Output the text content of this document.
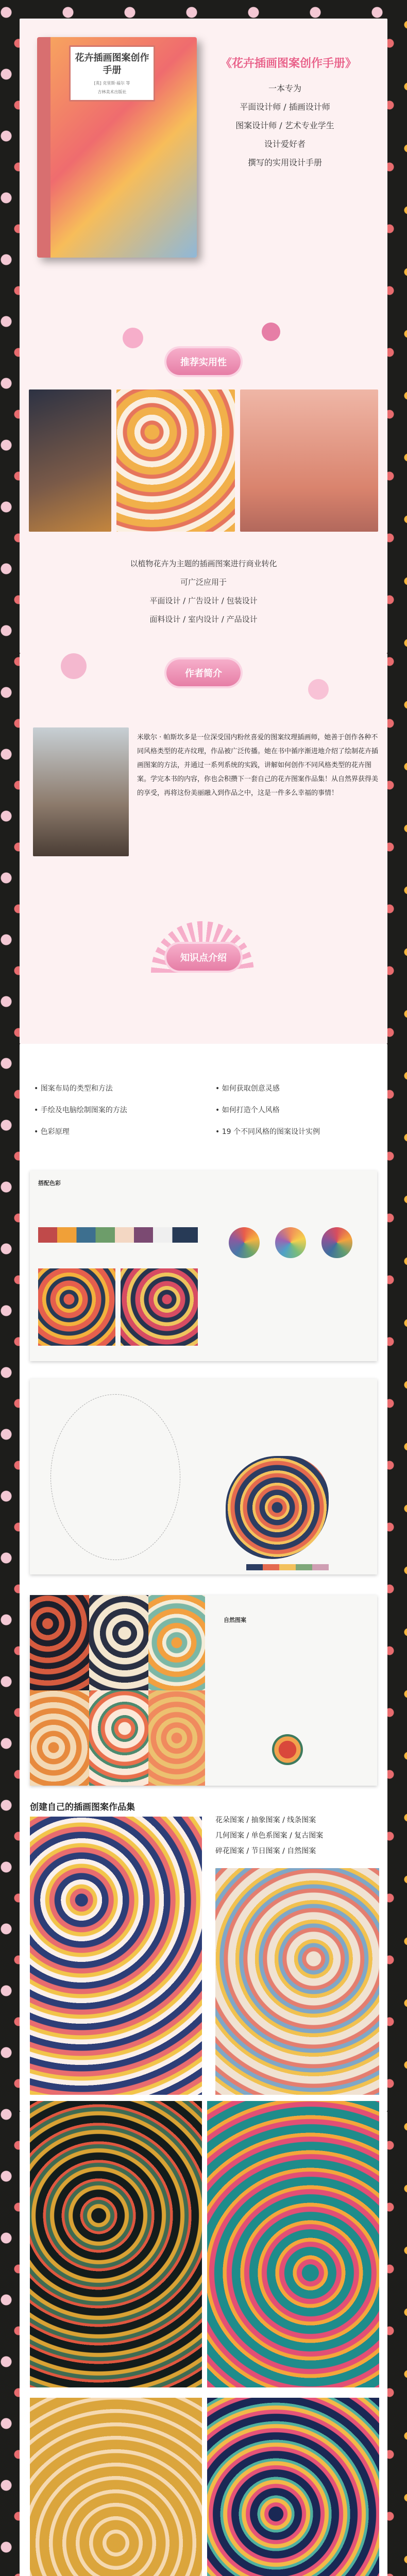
花卉插画图案创作手册
[英] 克里斯·福尔 等
吉林美术出版社
《花卉插画图案创作手册》

一本专为

平面设计师 / 插画设计师

图案设计师 / 艺术专业学生

设计爱好者

撰写的实用设计手册

推荐实用性
以植物花卉为主题的插画图案进行商业转化
可广泛应用于
平面设计 / 广告设计 / 包装设计
面料设计 / 室内设计 / 产品设计
作者简介
米歇尔 · 帕斯坎多是一位深受国内粉丝喜爱的图案纹理插画师，她善于创作各种不同风格类型的花卉纹理，作品被广泛传播。她在书中循序渐进地介绍了绘制花卉插画图案的方法，并通过一系列系统的实践，讲解如何创作不同风格类型的花卉图案。学完本书的内容，你也会积攒下一套自己的花卉图案作品集！从自然界获得美的享受，再将这份美丽融入到作品之中，这是一件多么幸福的事情！
知识点介绍
• 图案布局的类型和方法
• 手绘及电脑绘制图案的方法
• 色彩原理
• 如何获取创意灵感
• 如何打造个人风格
• 19 个不同风格的图案设计实例
搭配色彩
自然图案
创建自己的插画图案作品集
花朵图案 / 抽象图案 / 线条图案
几何图案 / 单色系图案 / 复古图案
碎花图案 / 节日图案 / 自然图案
